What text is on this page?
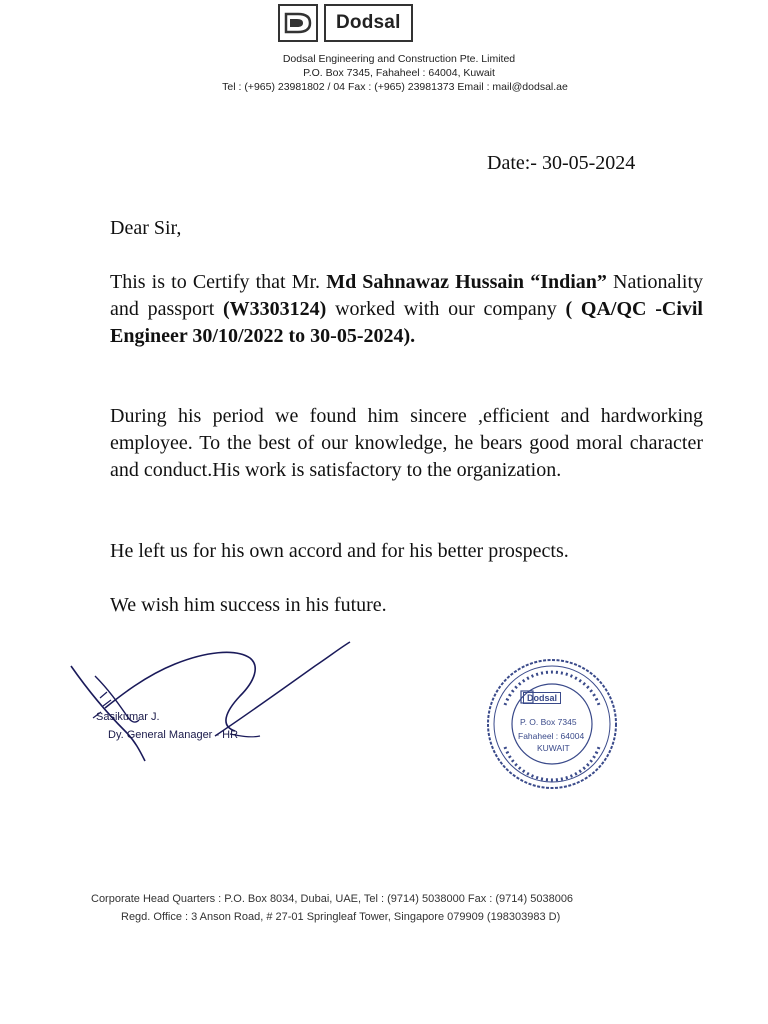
Dodsal
Dodsal Engineering and Construction Pte. Limited
P.O. Box 7345, Fahaheel : 64004, Kuwait
Tel : (+965) 23981802 / 04 Fax : (+965) 23981373 Email : mail@dodsal.ae
Date:- 30-05-2024
Dear Sir,
This is to Certify that Mr. Md Sahnawaz Hussain “Indian” Nationality and passport (W3303124) worked with our company ( QA/QC -Civil Engineer 30/10/2022 to 30-05-2024).
During his period we found him sincere ,efficient and hardworking employee. To the best of our knowledge, he bears good moral character and conduct.His work is satisfactory to the organization.
He left us for his own accord and for his better prospects.
We wish him success in his future.
Sasikumar J.
Dy. General Manager - HR
Dodsal
P. O. Box 7345
Fahaheel : 64004
KUWAIT
Corporate Head Quarters : P.O. Box 8034, Dubai, UAE, Tel : (9714) 5038000 Fax : (9714) 5038006
Regd. Office : 3 Anson Road, # 27-01 Springleaf Tower, Singapore 079909 (198303983 D)
